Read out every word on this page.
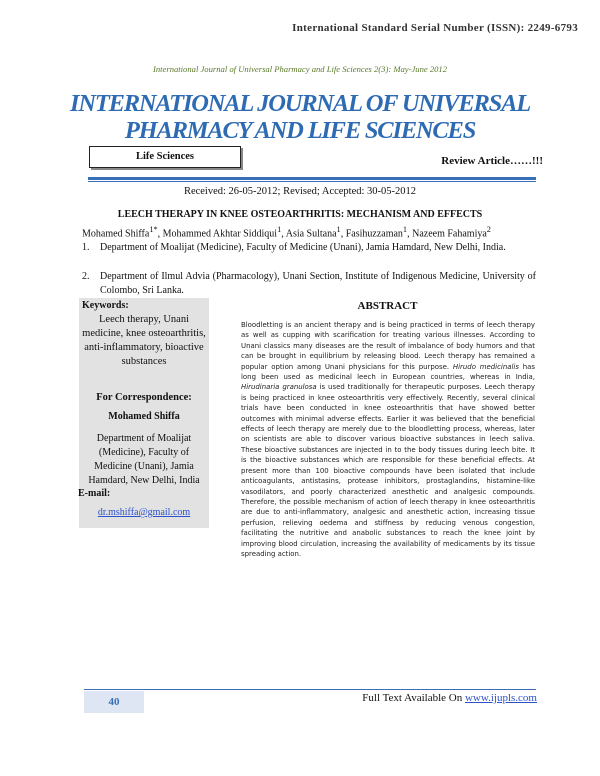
International Standard Serial Number (ISSN): 2249-6793
International Journal of Universal Pharmacy and Life Sciences 2(3): May-June 2012
INTERNATIONAL JOURNAL OF UNIVERSAL
PHARMACY AND LIFE SCIENCES
Life Sciences	Review Article……!!!
Received: 26-05-2012; Revised; Accepted: 30-05-2012
LEECH THERAPY IN KNEE OSTEOARTHRITIS: MECHANISM AND EFFECTS
Mohamed Shiffa$^{1*}$, Mohammed Akhtar Siddiqui$^1$, Asia Sultana$^1$, Fasihuzzaman$^1$, Nazeem Fahamiya$^2$
1. Department of Moalijat (Medicine), Faculty of Medicine (Unani), Jamia Hamdard, New Delhi, India.
2. Department of Ilmul Advia (Pharmacology), Unani Section, Institute of Indigenous Medicine, University of Colombo, Sri Lanka.
Keywords:
Leech therapy, Unani medicine, knee osteoarthritis, anti-inflammatory, bioactive substances
For Correspondence:
Mohamed Shiffa
Department of Moalijat (Medicine), Faculty of Medicine (Unani), Jamia Hamdard, New Delhi, India
E-mail:
dr.mshiffa@gmail.com
ABSTRACT
Bloodletting is an ancient therapy and is being practiced in terms of leech therapy as well as cupping with scarification for treating various illnesses. According to Unani classics many diseases are the result of imbalance of body humors and that can be brought in equilibrium by releasing blood. Leech therapy has remained a popular option among Unani physicians for this purpose. Hirudo medicinalis has long been used as medicinal leech in European countries, whereas in India, Hirudinaria granulosa is used traditionally for therapeutic purposes. Leech therapy is being practiced in knee osteoarthritis very effectively. Recently, several clinical trials have been conducted in knee osteoarthritis that have showed better outcomes with minimal adverse effects. Earlier it was believed that the beneficial effects of leech therapy are merely due to the bloodletting process, whereas, later on scientists are able to discover various bioactive substances in leech saliva. These bioactive substances are injected in to the body tissues during leech bite. It is the bioactive substances which are responsible for these beneficial effects. At present more than 100 bioactive compounds have been isolated that include anticoagulants, antistasins, protease inhibitors, prostaglandins, histamine-like vasodilators, and poorly characterized anesthetic and analgesic compounds. Therefore, the possible mechanism of action of leech therapy in knee osteoarthritis are due to anti-inflammatory, analgesic and anesthetic action, increasing tissue perfusion, relieving oedema and stiffness by reducing venous congestion, facilitating the nutritive and anabolic substances to reach the knee joint by improving blood circulation, increasing the availability of medicaments by its tissue spreading action.
40	Full Text Available On www.ijupls.com
